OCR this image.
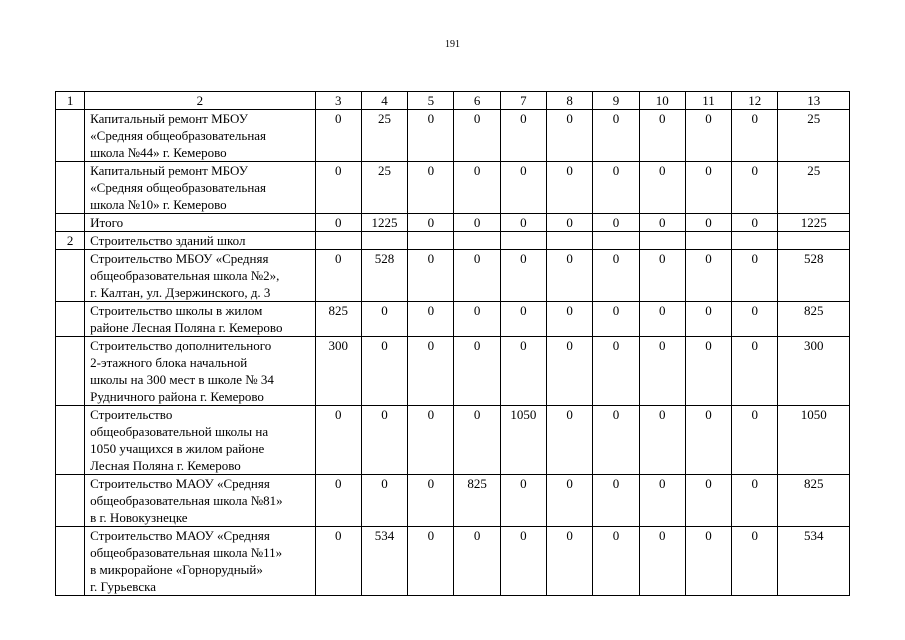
191
1	2	3	4	5	6	7	8	9	10	11	12	13

	Капитальный ремонт МБОУ
«Средняя общеобразовательная
школа №44» г. Кемерово	0	25	0	0	0	0	0	0	0	0	25

	Капитальный ремонт МБОУ
«Средняя общеобразовательная
школа №10» г. Кемерово	0	25	0	0	0	0	0	0	0	0	25

	Итого	0	1225	0	0	0	0	0	0	0	0	1225
2	Строительство зданий школ											

	Строительство МБОУ «Средняя
общеобразовательная школа №2»,
г. Калтан, ул. Дзержинского, д. 3	0	528	0	0	0	0	0	0	0	0	528

	Строительство школы в жилом
районе Лесная Поляна г. Кемерово	825	0	0	0	0	0	0	0	0	0	825

	Строительство дополнительного
2-этажного блока начальной
школы на 300 мест в школе № 34
Рудничного района г. Кемерово	300	0	0	0	0	0	0	0	0	0	300

	Строительство
общеобразовательной школы на
1050 учащихся в жилом районе
Лесная Поляна г. Кемерово	0	0	0	0	1050	0	0	0	0	0	1050

	Строительство МАОУ «Средняя
общеобразовательная школа №81»
в г. Новокузнецке	0	0	0	825	0	0	0	0	0	0	825

	Строительство МАОУ «Средняя
общеобразовательная школа №11»
в микрорайоне «Горнорудный»
г. Гурьевска	0	534	0	0	0	0	0	0	0	0	534
